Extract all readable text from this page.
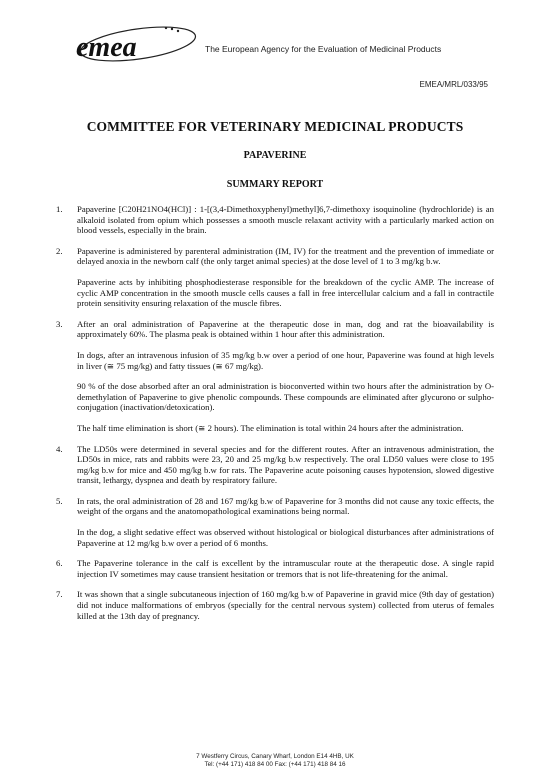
emea	The European Agency for the Evaluation of Medicinal Products
EMEA/MRL/033/95
COMMITTEE FOR VETERINARY MEDICINAL PRODUCTS
PAPAVERINE
SUMMARY REPORT
1.	Papaverine [C20H21NO4(HCl)] : 1-[(3,4-Dimethoxyphenyl)methyl]6,7-dimethoxy isoquinoline (hydrochloride) is an alkaloid isolated from opium which possesses a smooth muscle relaxant activity with a particularly marked action on blood vessels, especially in the brain.

2.	Papaverine is administered by parenteral administration (IM, IV) for the treatment and the prevention of immediate or delayed anoxia in the newborn calf (the only target animal species) at the dose level of 1 to 3 mg/kg b.w.

Papaverine acts by inhibiting phosphodiesterase responsible for the breakdown of the cyclic AMP. The increase of cyclic AMP concentration in the smooth muscle cells causes a fall in free intercellular calcium and a fall in contractile protein sensitivity ensuring relaxation of the muscle fibres.

3.	After an oral administration of Papaverine at the therapeutic dose in man, dog and rat the bioavailability is approximately 60%. The plasma peak is obtained within 1 hour after this administration.

In dogs, after an intravenous infusion of 35 mg/kg b.w over a period of one hour, Papaverine was found at high levels in liver (≅ 75 mg/kg) and fatty tissues (≅ 67 mg/kg).

90 % of the dose absorbed after an oral administration is bioconverted within two hours after the administration by O-demethylation of Papaverine to give phenolic compounds. These compounds are eliminated after glycurono or sulpho-conjugation (inactivation/detoxication).

The half time elimination is short (≅ 2 hours). The elimination is total within 24 hours after the administration.

4.	The LD50s were determined in several species and for the different routes. After an intravenous administration, the LD50s in mice, rats and rabbits were 23, 20 and 25 mg/kg b.w respectively. The oral LD50 values were close to 195 mg/kg b.w for mice and 450 mg/kg b.w for rats. The Papaverine acute poisoning causes hypotension, slowed digestive transit, lethargy, dyspnea and death by respiratory failure.

5.	In rats, the oral administration of 28 and 167 mg/kg b.w of Papaverine for 3 months did not cause any toxic effects, the weight of the organs and the anatomopathological examinations being normal.

In the dog, a slight sedative effect was observed without histological or biological disturbances after administrations of Papaverine at 12 mg/kg b.w over a period of 6 months.

6.	The Papaverine tolerance in the calf is excellent by the intramuscular route at the therapeutic dose. A single rapid injection IV sometimes may cause transient hesitation or tremors that is not life-threatening for the animal.

7.	It was shown that a single subcutaneous injection of 160 mg/kg b.w of Papaverine in gravid mice (9th day of gestation) did not induce malformations of embryos (specially for the central nervous system) collected from uterus of females killed at the 13th day of pregnancy.

7 Westferry Circus, Canary Wharf, London E14 4HB, UK
Tel: (+44 171) 418 84 00 Fax: (+44 171) 418 84 16
